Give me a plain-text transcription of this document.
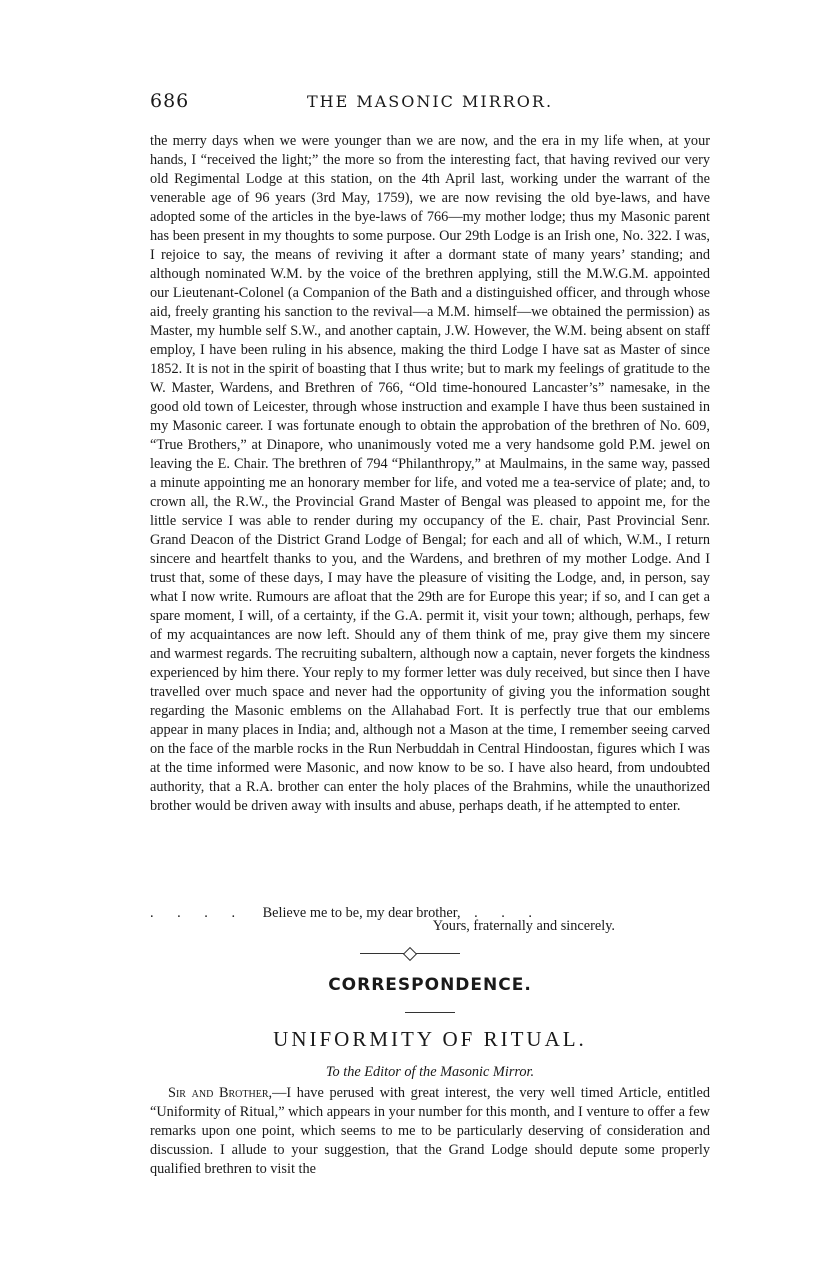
686	THE MASONIC MIRROR.

the merry days when we were younger than we are now, and the era in my life when, at your hands, I “received the light;” the more so from the interesting fact, that having revived our very old Regimental Lodge at this station, on the 4th April last, working under the warrant of the venerable age of 96 years (3rd May, 1759), we are now revising the old bye-laws, and have adopted some of the articles in the bye-laws of 766—my mother lodge; thus my Masonic parent has been present in my thoughts to some purpose. Our 29th Lodge is an Irish one, No. 322. I was, I rejoice to say, the means of reviving it after a dormant state of many years’ standing; and although nominated W.M. by the voice of the brethren applying, still the M.W.G.M. appointed our Lieutenant-Colonel (a Companion of the Bath and a distinguished officer, and through whose aid, freely granting his sanction to the revival—a M.M. himself—we obtained the permission) as Master, my humble self S.W., and another captain, J.W. However, the W.M. being absent on staff employ, I have been ruling in his absence, making the third Lodge I have sat as Master of since 1852. It is not in the spirit of boasting that I thus write; but to mark my feelings of gratitude to the W. Master, Wardens, and Brethren of 766, “Old time-honoured Lancaster’s” namesake, in the good old town of Leicester, through whose instruction and example I have thus been sustained in my Masonic career. I was fortunate enough to obtain the approbation of the brethren of No. 609, “True Brothers,” at Dinapore, who unanimously voted me a very handsome gold P.M. jewel on leaving the E. Chair. The brethren of 794 “Philanthropy,” at Maulmains, in the same way, passed a minute appointing me an honorary member for life, and voted me a tea-service of plate; and, to crown all, the R.W., the Provincial Grand Master of Bengal was pleased to appoint me, for the little service I was able to render during my occupancy of the E. chair, Past Provincial Senr. Grand Deacon of the District Grand Lodge of Bengal; for each and all of which, W.M., I return sincere and heartfelt thanks to you, and the Wardens, and brethren of my mother Lodge. And I trust that, some of these days, I may have the pleasure of visiting the Lodge, and, in person, say what I now write. Rumours are afloat that the 29th are for Europe this year; if so, and I can get a spare moment, I will, of a certainty, if the G.A. permit it, visit your town; although, perhaps, few of my acquaintances are now left. Should any of them think of me, pray give them my sincere and warmest regards. The recruiting subaltern, although now a captain, never forgets the kindness experienced by him there. Your reply to my former letter was duly received, but since then I have travelled over much space and never had the opportunity of giving you the information sought regarding the Masonic emblems on the Allahabad Fort. It is perfectly true that our emblems appear in many places in India; and, although not a Mason at the time, I remember seeing carved on the face of the marble rocks in the Run Nerbuddah in Central Hindoostan, figures which I was at the time informed were Masonic, and now know to be so. I have also heard, from undoubted authority, that a R.A. brother can enter the holy places of the Brahmins, while the unauthorized brother would be driven away with insults and abuse, perhaps death, if he attempted to enter.

. . . . Believe me to be, my dear brother, . . .
Yours, fraternally and sincerely.
CORRESPONDENCE.
UNIFORMITY OF RITUAL.
To the Editor of the Masonic Mirror.
Sir and Brother,—I have perused with great interest, the very well timed Article, entitled “Uniformity of Ritual,” which appears in your number for this month, and I venture to offer a few remarks upon one point, which seems to me to be particularly deserving of consideration and discussion. I allude to your suggestion, that the Grand Lodge should depute some properly qualified brethren to visit the
